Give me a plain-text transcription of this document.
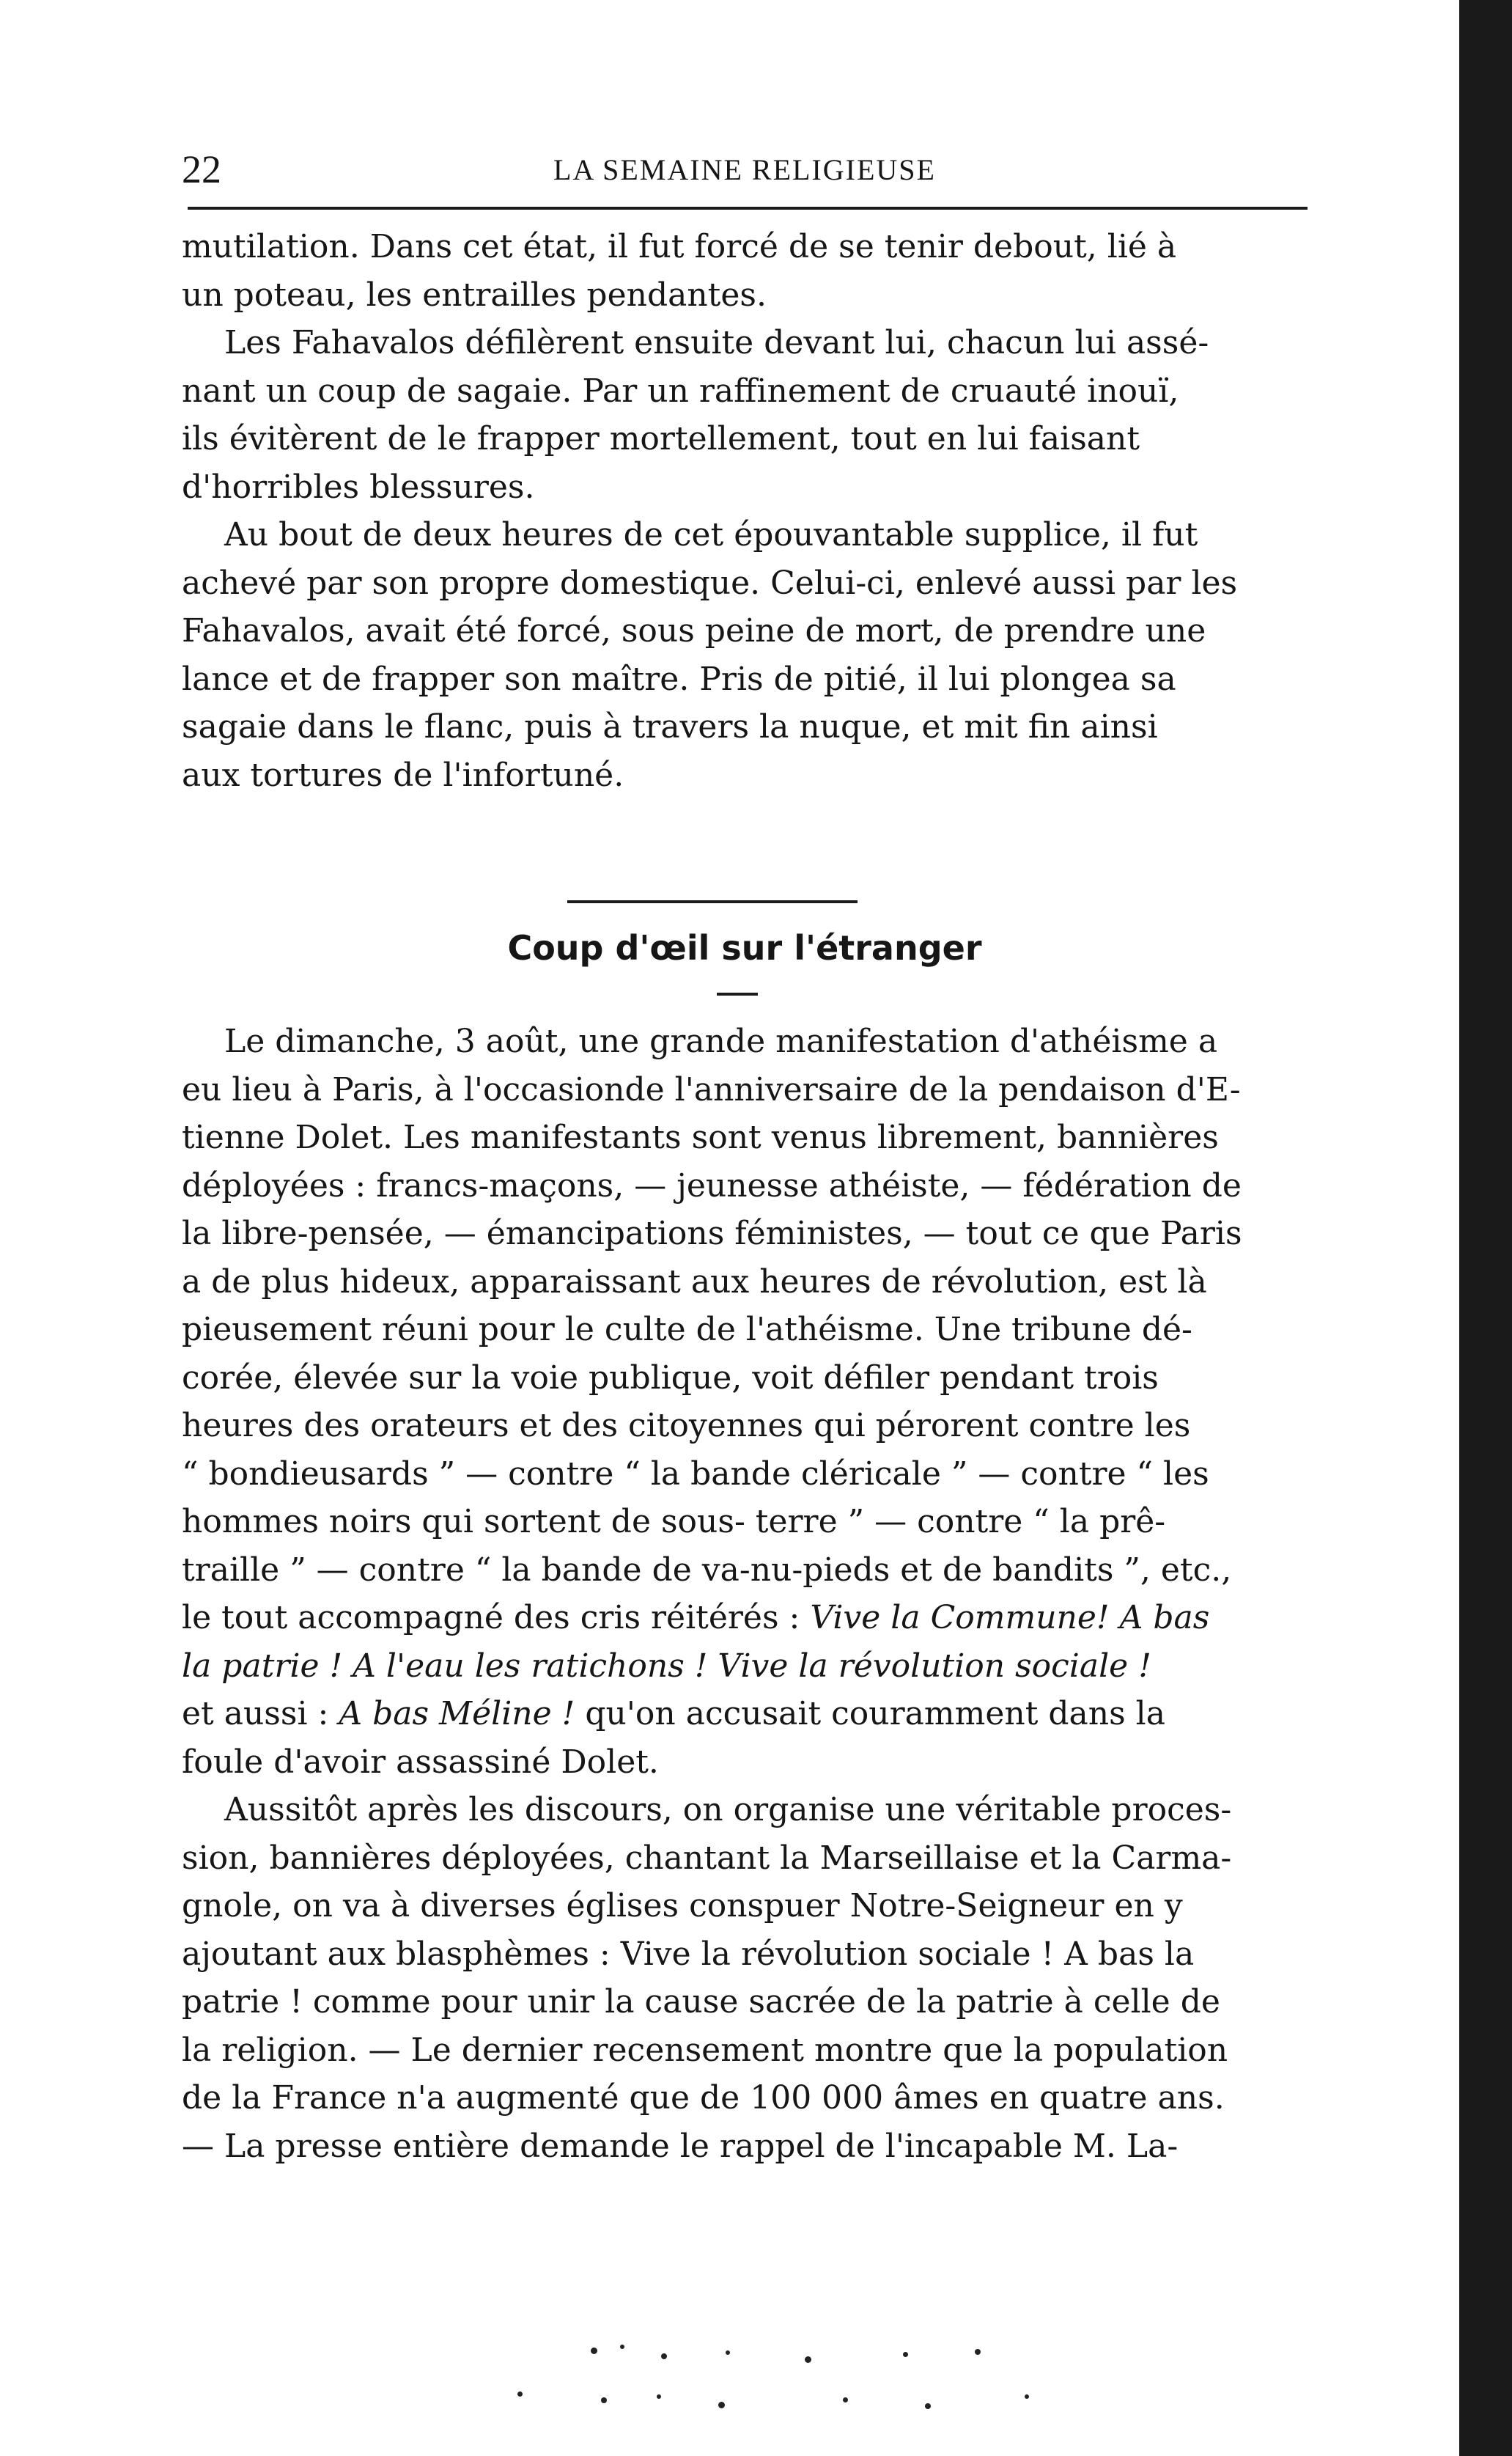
22	LA SEMAINE RELIGIEUSE

mutilation. Dans cet état, il fut forcé de se tenir debout, lié à
un poteau, les entrailles pendantes.

Les Fahavalos défilèrent ensuite devant lui, chacun lui assé-
nant un coup de sagaie. Par un raffinement de cruauté inouï,
ils évitèrent de le frapper mortellement, tout en lui faisant
d'horribles blessures.

Au bout de deux heures de cet épouvantable supplice, il fut
achevé par son propre domestique. Celui-ci, enlevé aussi par les
Fahavalos, avait été forcé, sous peine de mort, de prendre une
lance et de frapper son maître. Pris de pitié, il lui plongea sa
sagaie dans le flanc, puis à travers la nuque, et mit fin ainsi
aux tortures de l'infortuné.

Coup d'œil sur l'étranger

Le dimanche, 3 août, une grande manifestation d'athéisme a
eu lieu à Paris, à l'occasionde l'anniversaire de la pendaison d'E-
tienne Dolet. Les manifestants sont venus librement, bannières
déployées : francs-maçons, — jeunesse athéiste, — fédération de
la libre-pensée, — émancipations féministes, — tout ce que Paris
a de plus hideux, apparaissant aux heures de révolution, est là
pieusement réuni pour le culte de l'athéisme. Une tribune dé-
corée, élevée sur la voie publique, voit défiler pendant trois
heures des orateurs et des citoyennes qui pérorent contre les
“ bondieusards ” — contre “ la bande cléricale ” — contre “ les
hommes noirs qui sortent de sous- terre ” — contre “ la prê-
traille ” — contre “ la bande de va-nu-pieds et de bandits ”, etc.,
le tout accompagné des cris réitérés : Vive la Commune! A bas
la patrie ! A l'eau les ratichons ! Vive la révolution sociale !
et aussi : A bas Méline ! qu'on accusait couramment dans la
foule d'avoir assassiné Dolet.

Aussitôt après les discours, on organise une véritable proces-
sion, bannières déployées, chantant la Marseillaise et la Carma-
gnole, on va à diverses églises conspuer Notre-Seigneur en y
ajoutant aux blasphèmes : Vive la révolution sociale ! A bas la
patrie ! comme pour unir la cause sacrée de la patrie à celle de
la religion. — Le dernier recensement montre que la population
de la France n'a augmenté que de 100 000 âmes en quatre ans.
— La presse entière demande le rappel de l'incapable M. La-
